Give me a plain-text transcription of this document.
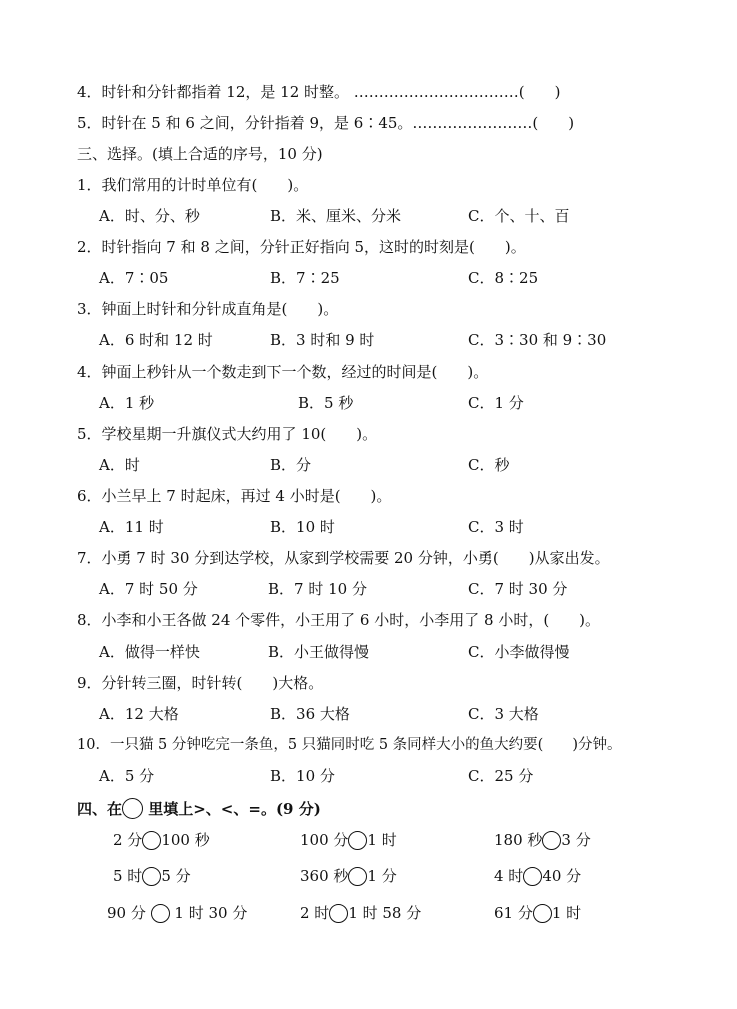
4．时针和分针都指着 12，是 12 时整。 ……………………………(　　)
5．时针在 5 和 6 之间，分针指着 9，是 6∶45。……………………(　　)
三、选择。(填上合适的序号，10 分)
1．我们常用的计时单位有(　　)。
A．时、分、秒	B．米、厘米、分米	C．个、十、百
2．时针指向 7 和 8 之间，分针正好指向 5，这时的时刻是(　　)。
A．7∶05	B．7∶25	C．8∶25
3．钟面上时针和分针成直角是(　　)。
A．6 时和 12 时	B．3 时和 9 时	C．3∶30 和 9∶30
4．钟面上秒针从一个数走到下一个数，经过的时间是(　　)。
A．1 秒	B．5 秒	C．1 分
5．学校星期一升旗仪式大约用了 10(　　)。
A．时	B．分	C．秒
6．小兰早上 7 时起床，再过 4 小时是(　　)。
A．11 时	B．10 时	C．3 时
7．小勇 7 时 30 分到达学校，从家到学校需要 20 分钟，小勇(　　)从家出发。
A．7 时 50 分	B．7 时 10 分	C．7 时 30 分
8．小李和小王各做 24 个零件，小王用了 6 小时，小李用了 8 小时，(　　)。
A．做得一样快	B．小王做得慢	C．小李做得慢
9．分针转三圈，时针转(　　)大格。
A．12 大格	B．36 大格	C．3 大格
10．一只猫 5 分钟吃完一条鱼，5 只猫同时吃 5 条同样大小的鱼大约要(　　)分钟。
A．5 分	B．10 分	C．25 分
四、在 里填上>、<、=。(9 分)
2 分 100 秒	100 分 1 时	180 秒 3 分
5 时 5 分	360 秒 1 分	4 时 40 分
90 分  1 时 30 分	2 时 1 时 58 分	61 分 1 时
